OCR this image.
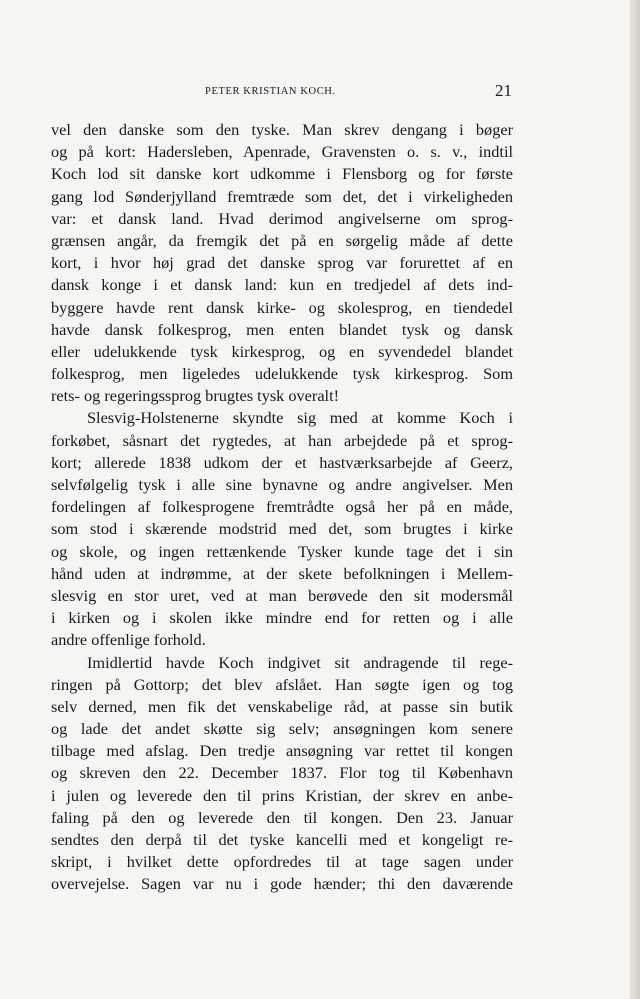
PETER KRISTIAN KOCH.	21
vel den danske som den tyske. Man skrev dengang i bøger
og på kort: Hadersleben, Apenrade, Gravensten o. s. v., indtil
Koch lod sit danske kort udkomme i Flensborg og for første
gang lod Sønderjylland fremtræde som det, det i virkeligheden
var: et dansk land. Hvad derimod angivelserne om sprog-
grænsen angår, da fremgik det på en sørgelig måde af dette
kort, i hvor høj grad det danske sprog var forurettet af en
dansk konge i et dansk land: kun en tredjedel af dets ind-
byggere havde rent dansk kirke- og skolesprog, en tiendedel
havde dansk folkesprog, men enten blandet tysk og dansk
eller udelukkende tysk kirkesprog, og en syvendedel blandet
folkesprog, men ligeledes udelukkende tysk kirkesprog. Som
rets- og regeringssprog brugtes tysk overalt!
Slesvig-Holstenerne skyndte sig med at komme Koch i
forkøbet, såsnart det rygtedes, at han arbejdede på et sprog-
kort; allerede 1838 udkom der et hastværksarbejde af Geerz,
selvfølgelig tysk i alle sine bynavne og andre angivelser. Men
fordelingen af folkesprogene fremtrådte også her på en måde,
som stod i skærende modstrid med det, som brugtes i kirke
og skole, og ingen rettænkende Tysker kunde tage det i sin
hånd uden at indrømme, at der skete befolkningen i Mellem-
slesvig en stor uret, ved at man berøvede den sit modersmål
i kirken og i skolen ikke mindre end for retten og i alle
andre offenlige forhold.
Imidlertid havde Koch indgivet sit andragende til rege-
ringen på Gottorp; det blev afslået. Han søgte igen og tog
selv derned, men fik det venskabelige råd, at passe sin butik
og lade det andet skøtte sig selv; ansøgningen kom senere
tilbage med afslag. Den tredje ansøgning var rettet til kongen
og skreven den 22. December 1837. Flor tog til København
i julen og leverede den til prins Kristian, der skrev en anbe-
faling på den og leverede den til kongen. Den 23. Januar
sendtes den derpå til det tyske kancelli med et kongeligt re-
skript, i hvilket dette opfordredes til at tage sagen under
overvejelse. Sagen var nu i gode hænder; thi den daværende
